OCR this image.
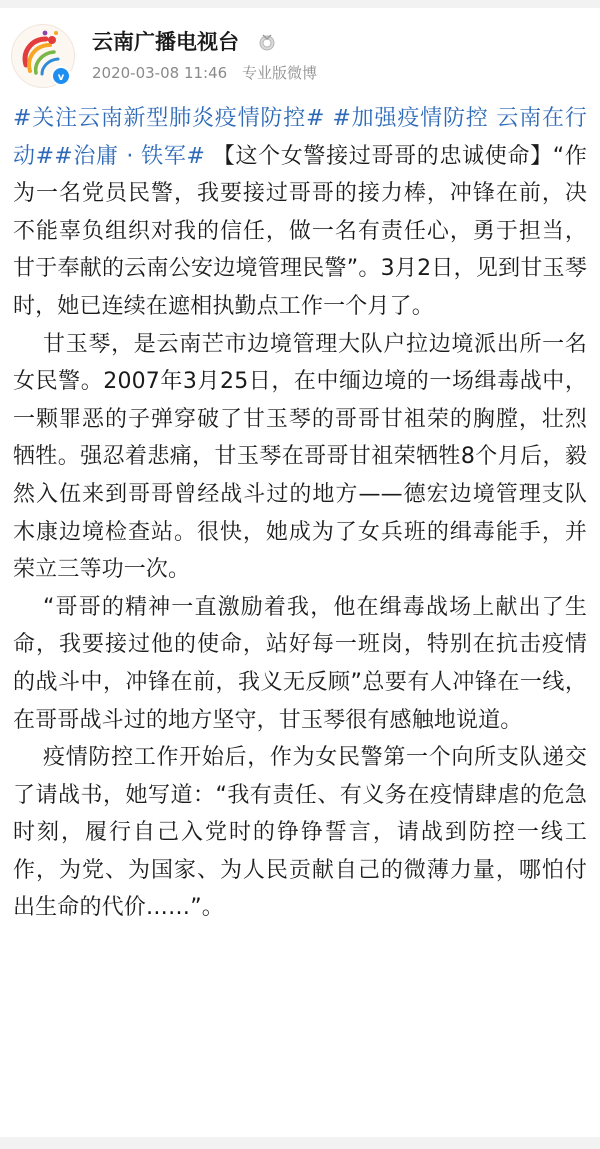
v
云南广播电视台
2020-03-08 11:46 专业版微博

#关注云南新型肺炎疫情防控# #加强疫情防控 云南在行动##治庸 · 铁军# 【这个女警接过哥哥的忠诚使命】“作为一名党员民警，我要接过哥哥的接力棒，冲锋在前，决不能辜负组织对我的信任，做一名有责任心，勇于担当，甘于奉献的云南公安边境管理民警”。3月2日，见到甘玉琴时，她已连续在遮相执勤点工作一个月了。

甘玉琴，是云南芒市边境管理大队户拉边境派出所一名女民警。2007年3月25日，在中缅边境的一场缉毒战中，一颗罪恶的子弹穿破了甘玉琴的哥哥甘祖荣的胸膛，壮烈牺牲。强忍着悲痛，甘玉琴在哥哥甘祖荣牺牲8个月后，毅然入伍来到哥哥曾经战斗过的地方——德宏边境管理支队木康边境检查站。很快，她成为了女兵班的缉毒能手，并荣立三等功一次。

“哥哥的精神一直激励着我，他在缉毒战场上献出了生命，我要接过他的使命，站好每一班岗，特别在抗击疫情的战斗中，冲锋在前，我义无反顾”总要有人冲锋在一线，在哥哥战斗过的地方坚守，甘玉琴很有感触地说道。

疫情防控工作开始后，作为女民警第一个向所支队递交了请战书，她写道：“我有责任、有义务在疫情肆虐的危急时刻，履行自己入党时的铮铮誓言，请战到防控一线工作，为党、为国家、为人民贡献自己的微薄力量，哪怕付出生命的代价……”。
